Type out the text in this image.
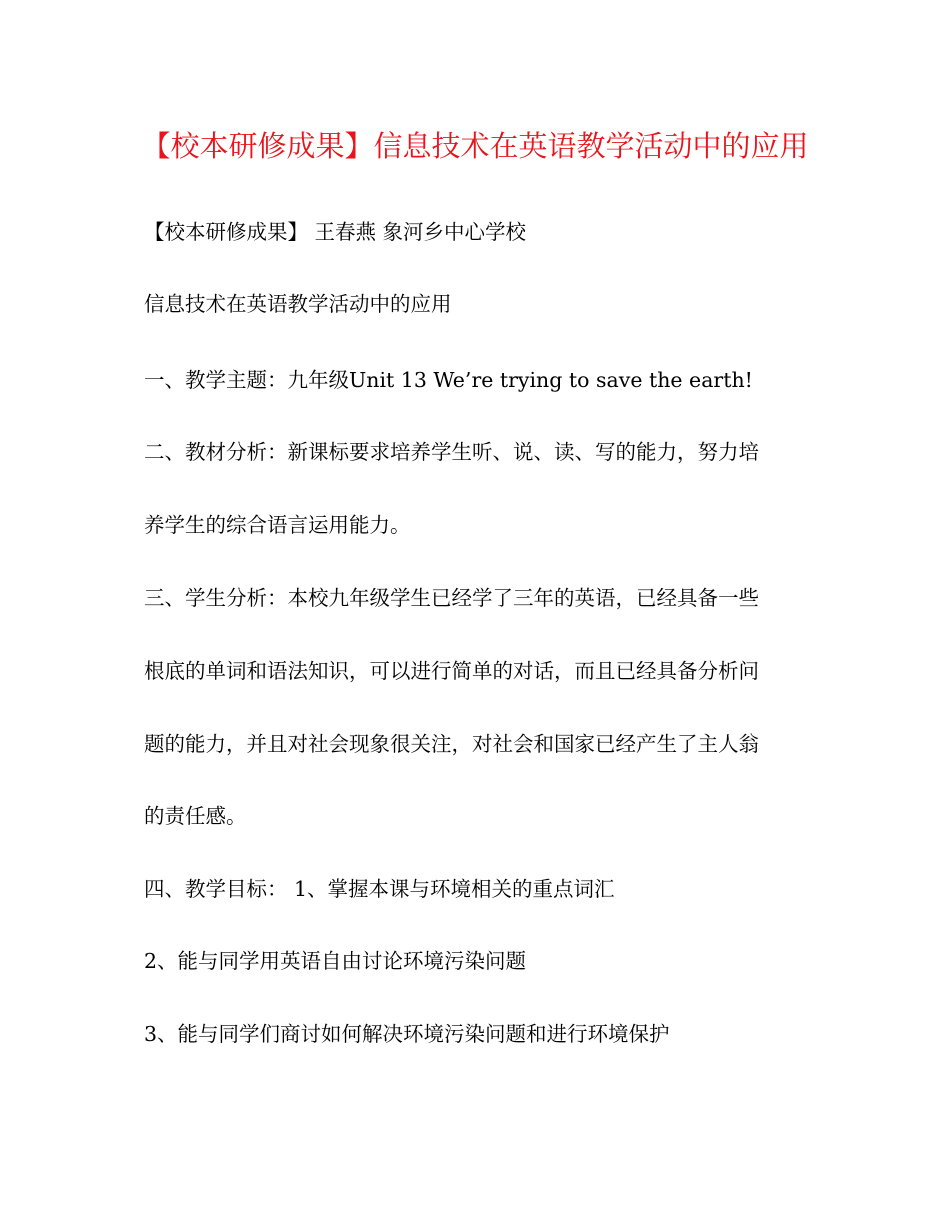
【校本研修成果】信息技术在英语教学活动中的应用
【校本研修成果】 王春燕 象河乡中心学校
信息技术在英语教学活动中的应用
一、教学主题：九年级Unit 13 We’re trying to save the earth!
二、教材分析：新课标要求培养学生听、说、读、写的能力，努力培
养学生的综合语言运用能力。
三、学生分析：本校九年级学生已经学了三年的英语，已经具备一些
根底的单词和语法知识，可以进行简单的对话，而且已经具备分析问
题的能力，并且对社会现象很关注，对社会和国家已经产生了主人翁
的责任感。
四、教学目标： 1、掌握本课与环境相关的重点词汇
2、能与同学用英语自由讨论环境污染问题
3、能与同学们商讨如何解决环境污染问题和进行环境保护
